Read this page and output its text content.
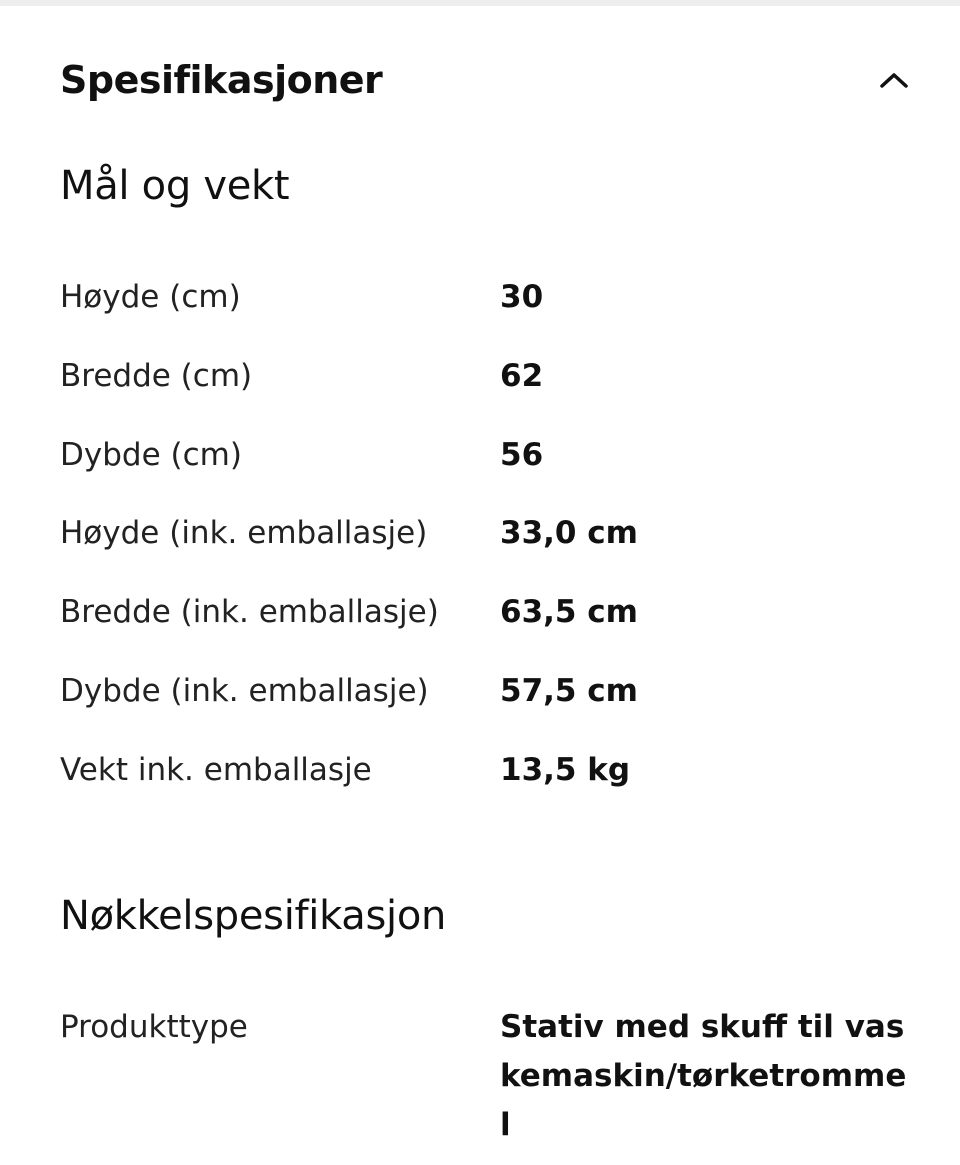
Spesifikasjoner
Mål og vekt
Høyde (cm)	30
Bredde (cm)	62
Dybde (cm)	56
Høyde (ink. emballasje)	33,0 cm
Bredde (ink. emballasje)	63,5 cm
Dybde (ink. emballasje)	57,5 cm
Vekt ink. emballasje	13,5 kg
Nøkkelspesifikasjon
Produkttype	Stativ med skuff til vaskemaskin/tørketrommel
